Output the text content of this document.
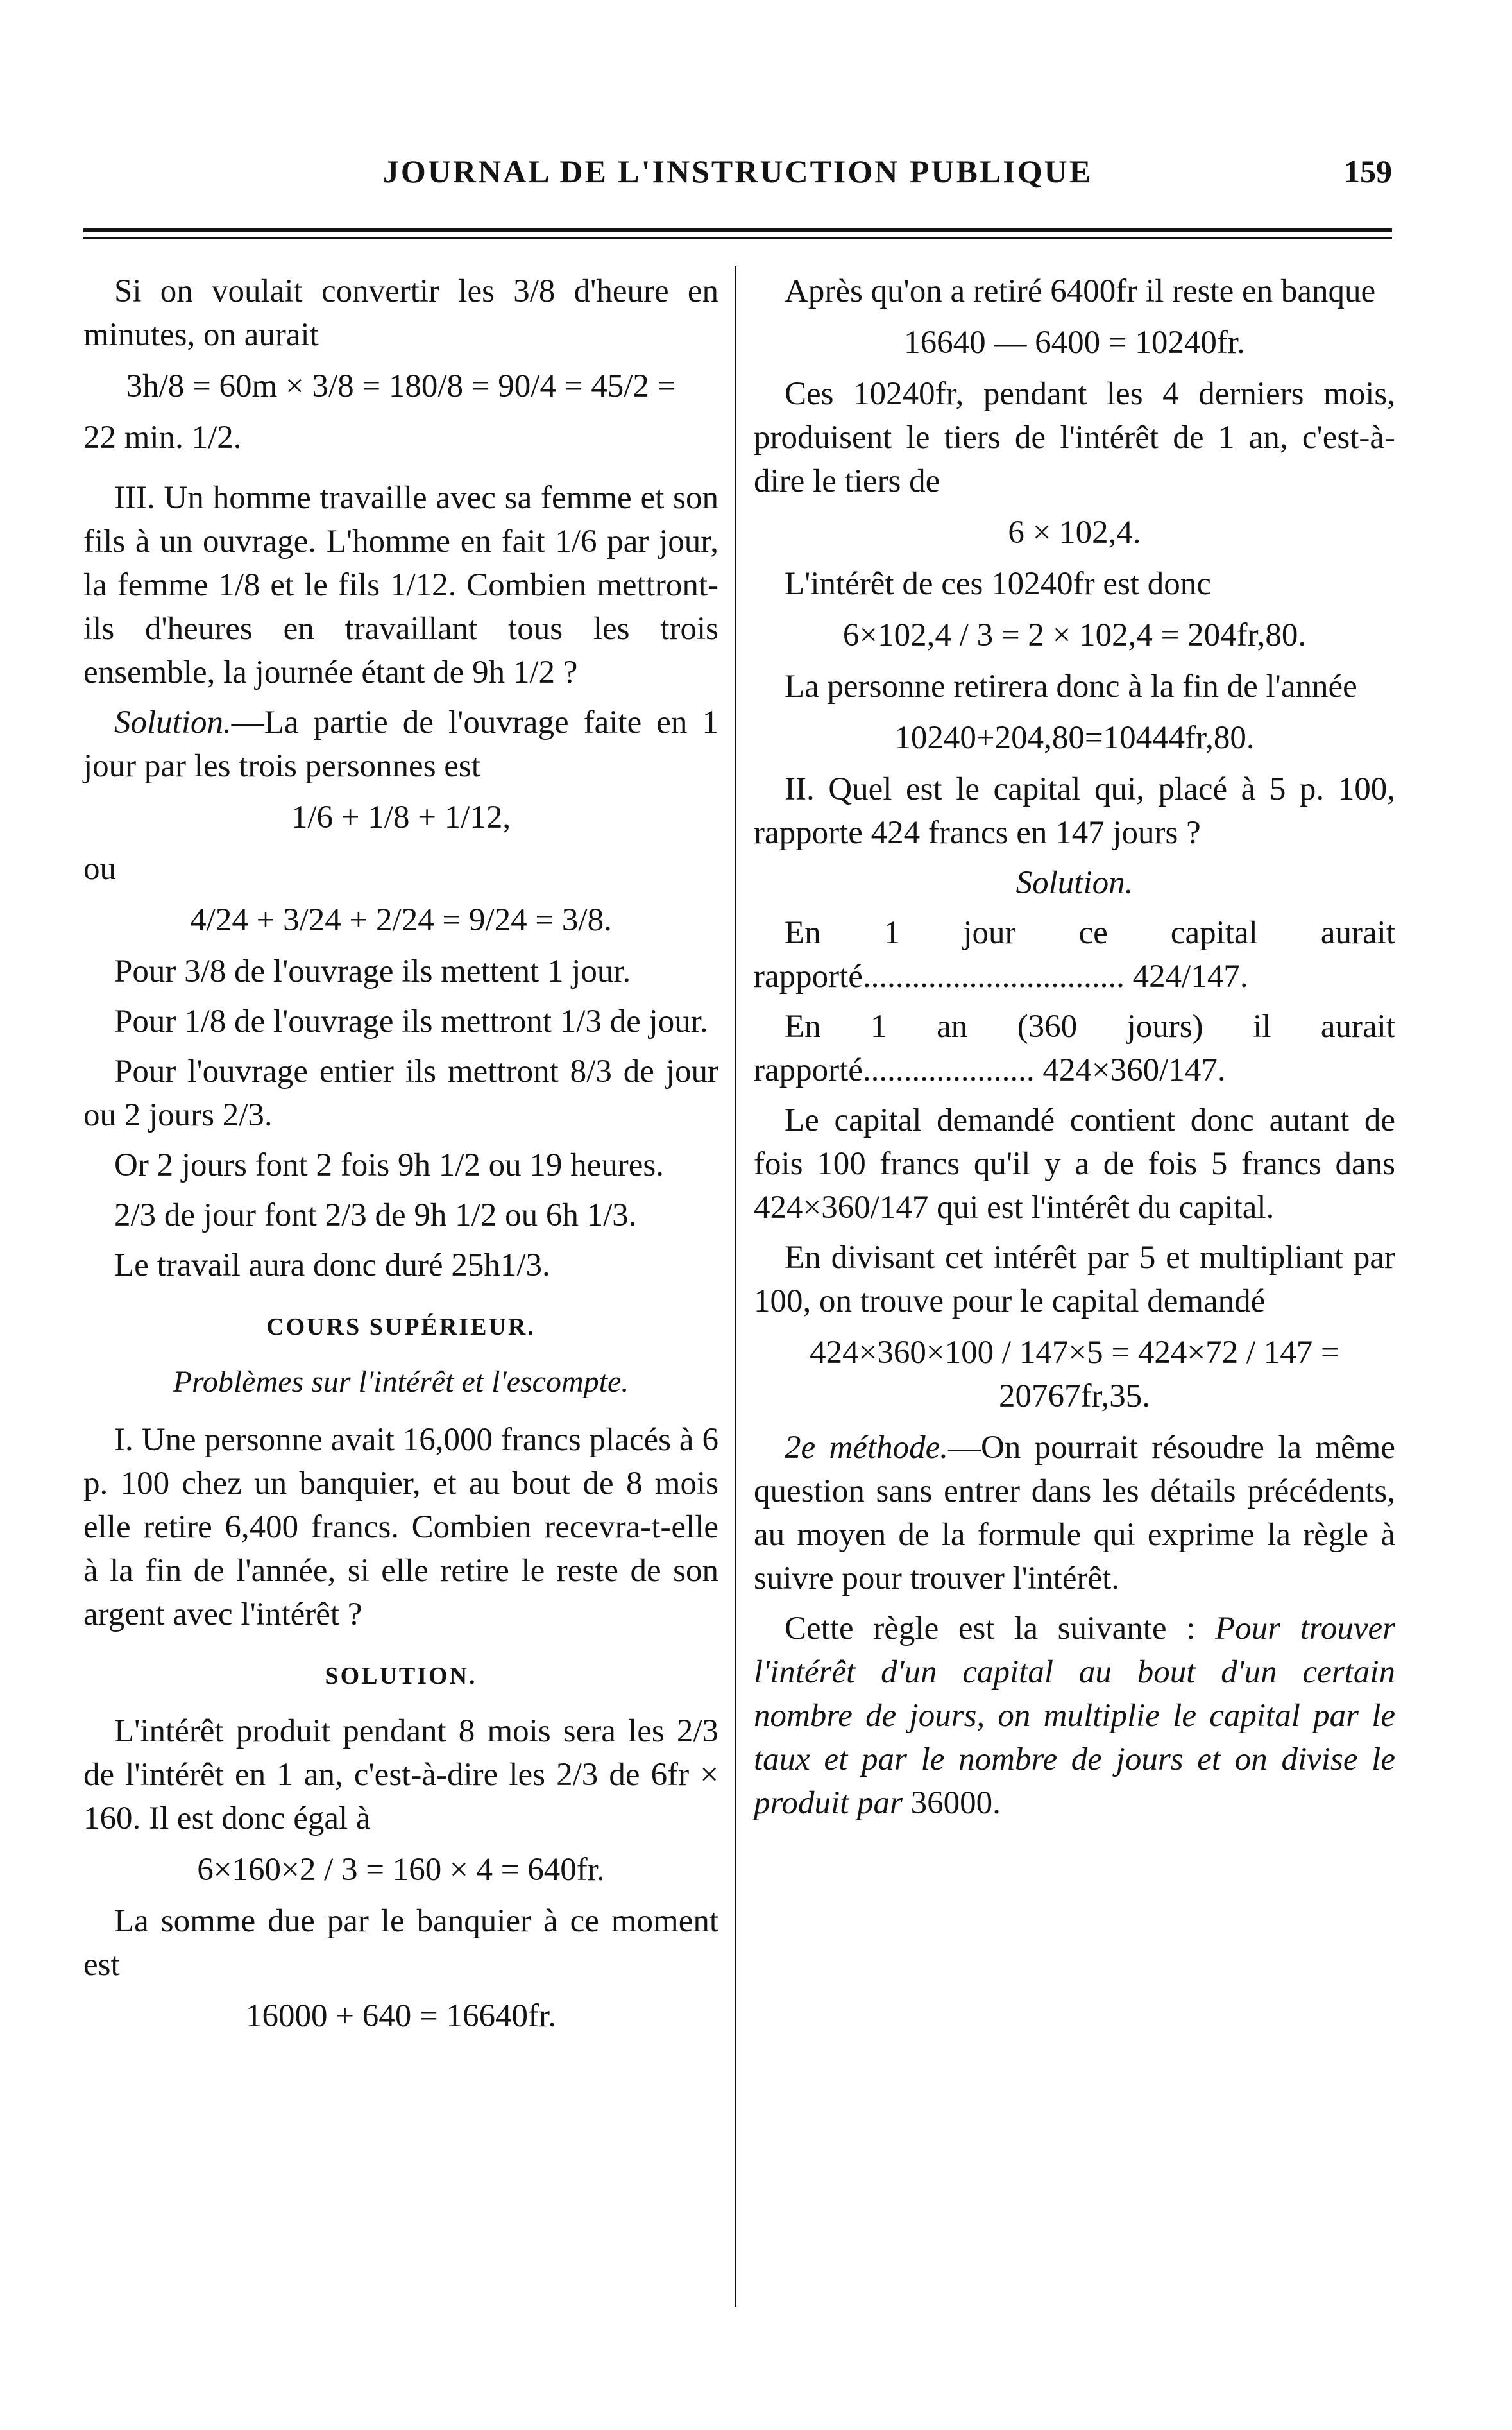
JOURNAL DE L'INSTRUCTION PUBLIQUE	159

Si on voulait convertir les 3/8 d'heure en minutes, on aurait

3h/8 = 60m × 3/8 = 180/8 = 90/4 = 45/2 =

22 min. 1/2.

III. Un homme travaille avec sa femme et son fils à un ouvrage. L'homme en fait 1/6 par jour, la femme 1/8 et le fils 1/12. Combien mettront-ils d'heures en travaillant tous les trois ensemble, la journée étant de 9h 1/2 ?

Solution.—La partie de l'ouvrage faite en 1 jour par les trois personnes est

1/6 + 1/8 + 1/12,

ou

4/24 + 3/24 + 2/24 = 9/24 = 3/8.

Pour 3/8 de l'ouvrage ils mettent 1 jour.

Pour 1/8 de l'ouvrage ils mettront 1/3 de jour.

Pour l'ouvrage entier ils mettront 8/3 de jour ou 2 jours 2/3.

Or 2 jours font 2 fois 9h 1/2 ou 19 heures.

2/3 de jour font 2/3 de 9h 1/2 ou 6h 1/3.

Le travail aura donc duré 25h1/3.

COURS SUPÉRIEUR.
Problèmes sur l'intérêt et l'escompte.

I. Une personne avait 16,000 francs placés à 6 p. 100 chez un banquier, et au bout de 8 mois elle retire 6,400 francs. Combien recevra-t-elle à la fin de l'année, si elle retire le reste de son argent avec l'intérêt ?

SOLUTION.

L'intérêt produit pendant 8 mois sera les 2/3 de l'intérêt en 1 an, c'est-à-dire les 2/3 de 6fr × 160. Il est donc égal à

6×160×2 / 3 = 160 × 4 = 640fr.

La somme due par le banquier à ce moment est

16000 + 640 = 16640fr.

Après qu'on a retiré 6400fr il reste en banque

16640 — 6400 = 10240fr.

Ces 10240fr, pendant les 4 derniers mois, produisent le tiers de l'intérêt de 1 an, c'est-à-dire le tiers de

6 × 102,4.

L'intérêt de ces 10240fr est donc

6×102,4 / 3 = 2 × 102,4 = 204fr,80.

La personne retirera donc à la fin de l'année

10240+204,80=10444fr,80.

II. Quel est le capital qui, placé à 5 p. 100, rapporte 424 francs en 147 jours ?

Solution.

En 1 jour ce capital aurait rapporté................................ 424/147.

En 1 an (360 jours) il aurait rapporté..................... 424×360/147.

Le capital demandé contient donc autant de fois 100 francs qu'il y a de fois 5 francs dans 424×360/147 qui est l'intérêt du capital.

En divisant cet intérêt par 5 et multipliant par 100, on trouve pour le capital demandé

424×360×100 / 147×5 = 424×72 / 147 = 20767fr,35.

2e méthode.—On pourrait résoudre la même question sans entrer dans les détails précédents, au moyen de la formule qui exprime la règle à suivre pour trouver l'intérêt.

Cette règle est la suivante : Pour trouver l'intérêt d'un capital au bout d'un certain nombre de jours, on multiplie le capital par le taux et par le nombre de jours et on divise le produit par 36000.
